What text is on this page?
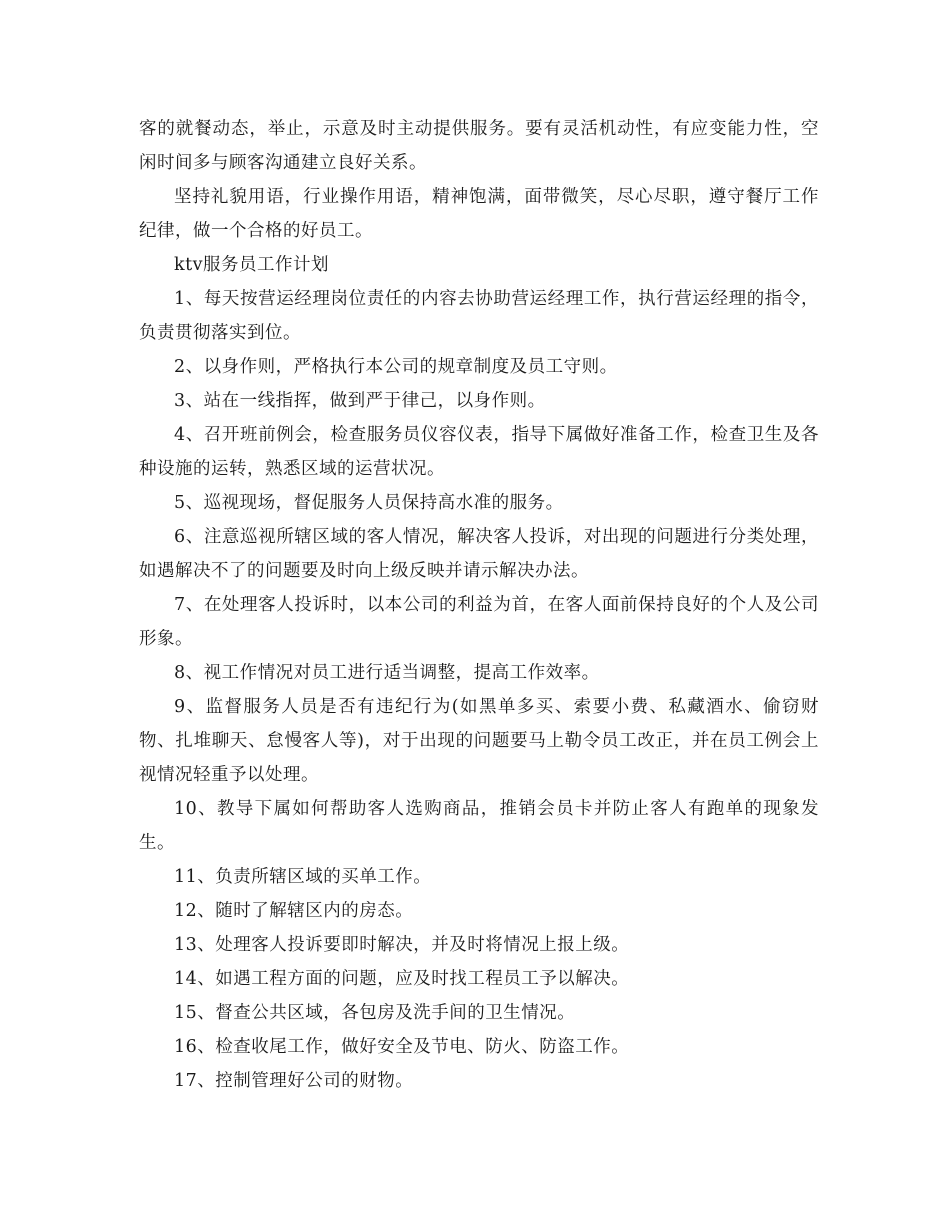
客的就餐动态，举止，示意及时主动提供服务。要有灵活机动性，有应变能力性，空闲时间多与顾客沟通建立良好关系。

坚持礼貌用语，行业操作用语，精神饱满，面带微笑，尽心尽职，遵守餐厅工作纪律，做一个合格的好员工。

ktv服务员工作计划

1、每天按营运经理岗位责任的内容去协助营运经理工作，执行营运经理的指令，负责贯彻落实到位。

2、以身作则，严格执行本公司的规章制度及员工守则。

3、站在一线指挥，做到严于律己，以身作则。

4、召开班前例会，检查服务员仪容仪表，指导下属做好准备工作，检查卫生及各种设施的运转，熟悉区域的运营状况。

5、巡视现场，督促服务人员保持高水准的服务。

6、注意巡视所辖区域的客人情况，解决客人投诉，对出现的问题进行分类处理，如遇解决不了的问题要及时向上级反映并请示解决办法。

7、在处理客人投诉时，以本公司的利益为首，在客人面前保持良好的个人及公司形象。

8、视工作情况对员工进行适当调整，提高工作效率。

9、监督服务人员是否有违纪行为(如黑单多买、索要小费、私藏酒水、偷窃财物、扎堆聊天、怠慢客人等)，对于出现的问题要马上勒令员工改正，并在员工例会上视情况轻重予以处理。

10、教导下属如何帮助客人选购商品，推销会员卡并防止客人有跑单的现象发生。

11、负责所辖区域的买单工作。

12、随时了解辖区内的房态。

13、处理客人投诉要即时解决，并及时将情况上报上级。

14、如遇工程方面的问题，应及时找工程员工予以解决。

15、督查公共区域，各包房及洗手间的卫生情况。

16、检查收尾工作，做好安全及节电、防火、防盗工作。

17、控制管理好公司的财物。
